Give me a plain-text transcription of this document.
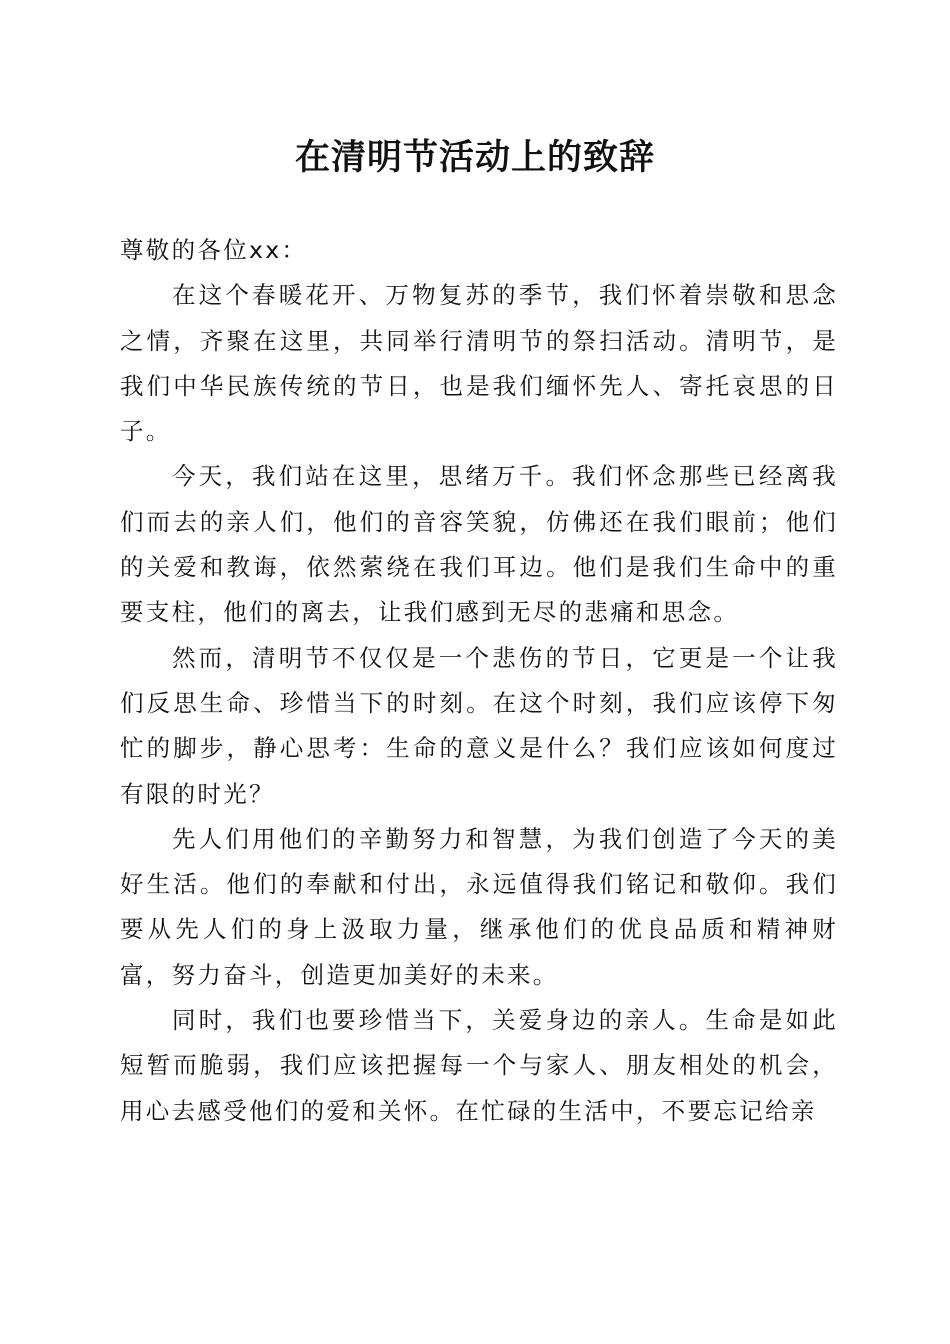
在清明节活动上的致辞

尊敬的各位xx：

在这个春暖花开、万物复苏的季节，我们怀着崇敬和思念之情，齐聚在这里，共同举行清明节的祭扫活动。清明节，是我们中华民族传统的节日，也是我们缅怀先人、寄托哀思的日子。

今天，我们站在这里，思绪万千。我们怀念那些已经离我们而去的亲人们，他们的音容笑貌，仿佛还在我们眼前；他们的关爱和教诲，依然萦绕在我们耳边。他们是我们生命中的重要支柱，他们的离去，让我们感到无尽的悲痛和思念。

然而，清明节不仅仅是一个悲伤的节日，它更是一个让我们反思生命、珍惜当下的时刻。在这个时刻，我们应该停下匆忙的脚步，静心思考：生命的意义是什么？我们应该如何度过有限的时光？

先人们用他们的辛勤努力和智慧，为我们创造了今天的美好生活。他们的奉献和付出，永远值得我们铭记和敬仰。我们要从先人们的身上汲取力量，继承他们的优良品质和精神财富，努力奋斗，创造更加美好的未来。

同时，我们也要珍惜当下，关爱身边的亲人。生命是如此短暂而脆弱，我们应该把握每一个与家人、朋友相处的机会，用心去感受他们的爱和关怀。在忙碌的生活中，不要忘记给亲
